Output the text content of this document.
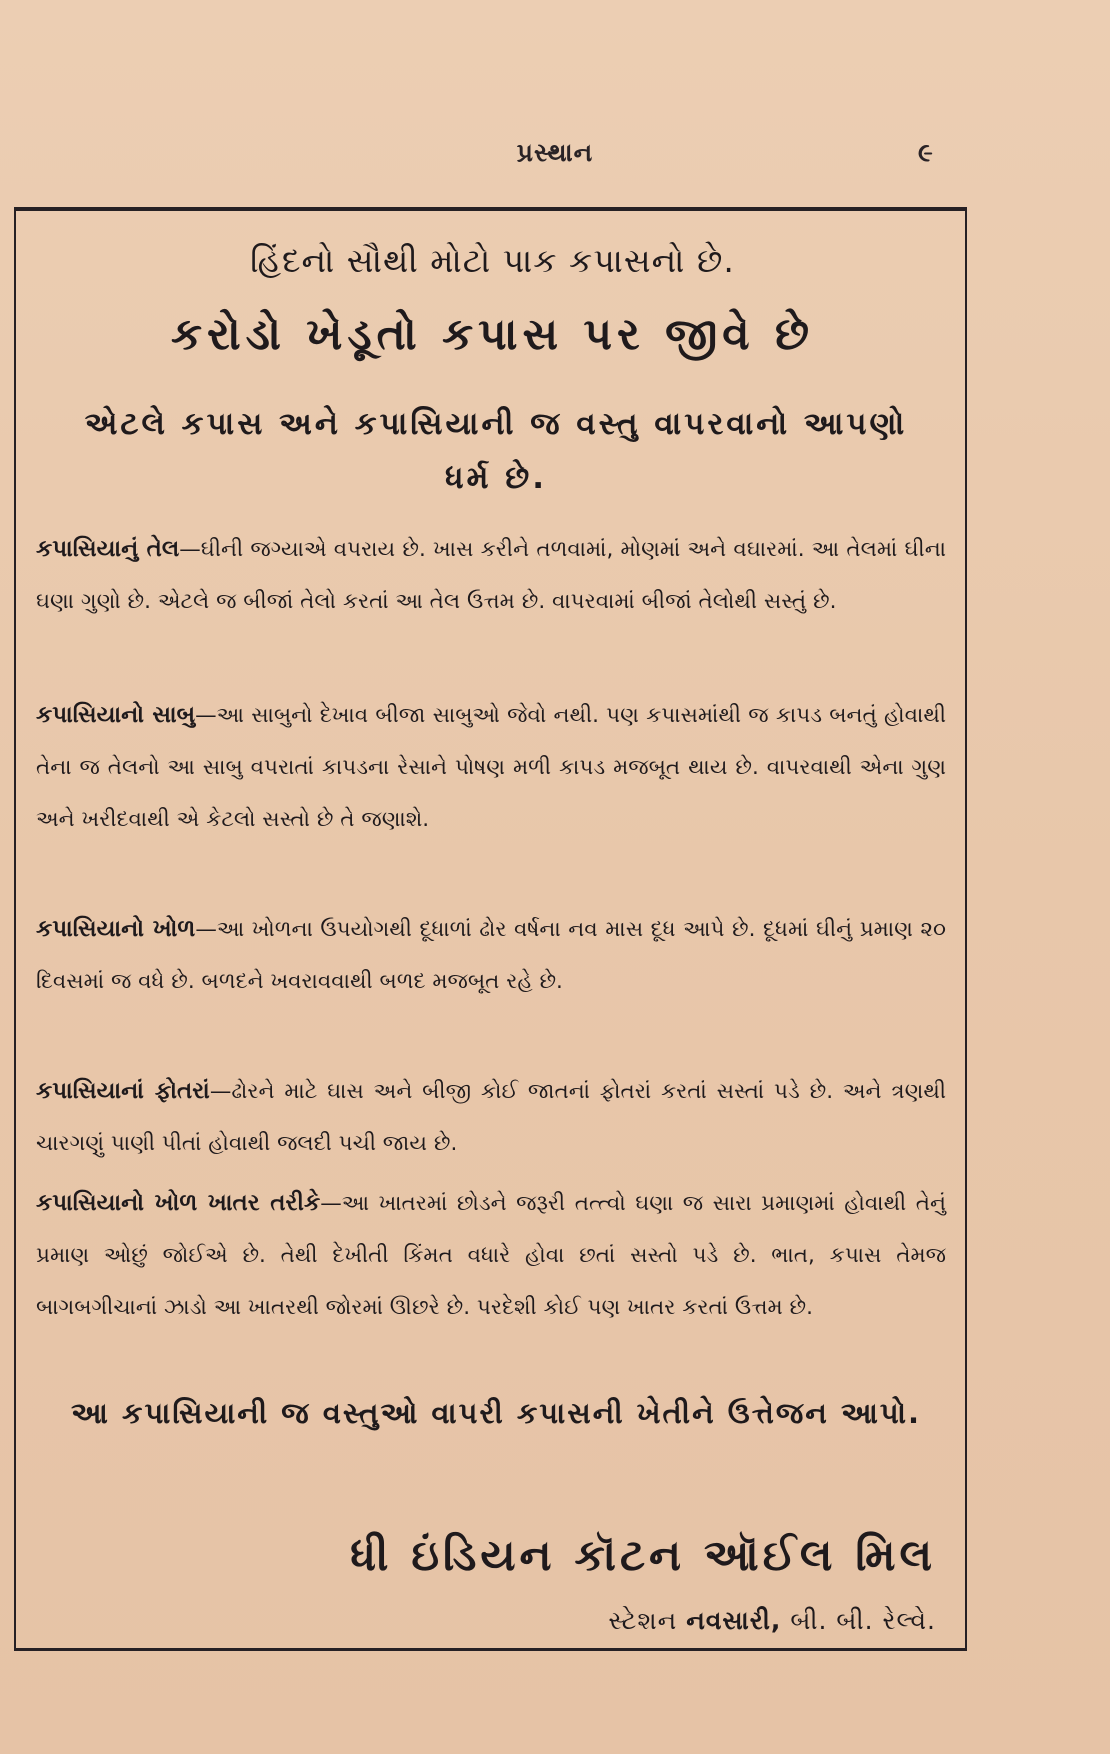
પ્રસ્થાન	૯
હિંદનો સૌથી મોટો પાક કપાસનો છે.
કરોડો ખેડૂતો કપાસ પર જીવે છે
એટલે કપાસ અને કપાસિયાની જ વસ્તુ વાપરવાનો આપણો ધર્મ છે.
કપાસિયાનું તેલ—ઘીની જગ્યાએ વપરાય છે. ખાસ કરીને તળવામાં, મોણમાં અને વઘારમાં. આ તેલમાં ઘીના ઘણા ગુણો છે. એટલે જ બીજાં તેલો કરતાં આ તેલ ઉત્તમ છે. વાપરવામાં બીજાં તેલોથી સસ્તું છે.
કપાસિયાનો સાબુ—આ સાબુનો દેખાવ બીજા સાબુઓ જેવો નથી. પણ કપાસમાંથી જ કાપડ બનતું હોવાથી તેના જ તેલનો આ સાબુ વપરાતાં કાપડના રેસાને પોષણ મળી કાપડ મજબૂત થાય છે. વાપરવાથી એના ગુણ અને ખરીદવાથી એ કેટલો સસ્તો છે તે જણાશે.
કપાસિયાનો ખોળ—આ ખોળના ઉપયોગથી દૂધાળાં ઢોર વર્ષના નવ માસ દૂધ આપે છે. દૂધમાં ઘીનું પ્રમાણ ૨૦ દિવસમાં જ વધે છે. બળદને ખવરાવવાથી બળદ મજબૂત રહે છે.
કપાસિયાનાં ફોતરાં—ઢોરને માટે ઘાસ અને બીજી કોઈ જાતનાં ફોતરાં કરતાં સસ્તાં પડે છે. અને ત્રણથી ચારગણું પાણી પીતાં હોવાથી જલદી પચી જાય છે.
કપાસિયાનો ખોળ ખાતર તરીકે—આ ખાતરમાં છોડને જરૂરી તત્ત્વો ઘણા જ સારા પ્રમાણમાં હોવાથી તેનું પ્રમાણ ઓછું જોઈએ છે. તેથી દેખીતી કિંમત વધારે હોવા છતાં સસ્તો પડે છે. ભાત, કપાસ તેમજ બાગબગીચાનાં ઝાડો આ ખાતરથી જોરમાં ઊછરે છે. પરદેશી કોઈ પણ ખાતર કરતાં ઉત્તમ છે.
આ કપાસિયાની જ વસ્તુઓ વાપરી કપાસની ખેતીને ઉત્તેજન આપો.
ધી ઇંડિયન કૉટન ઑઈલ મિલ
સ્ટેશન નવસારી, બી. બી. રેલ્વે.
